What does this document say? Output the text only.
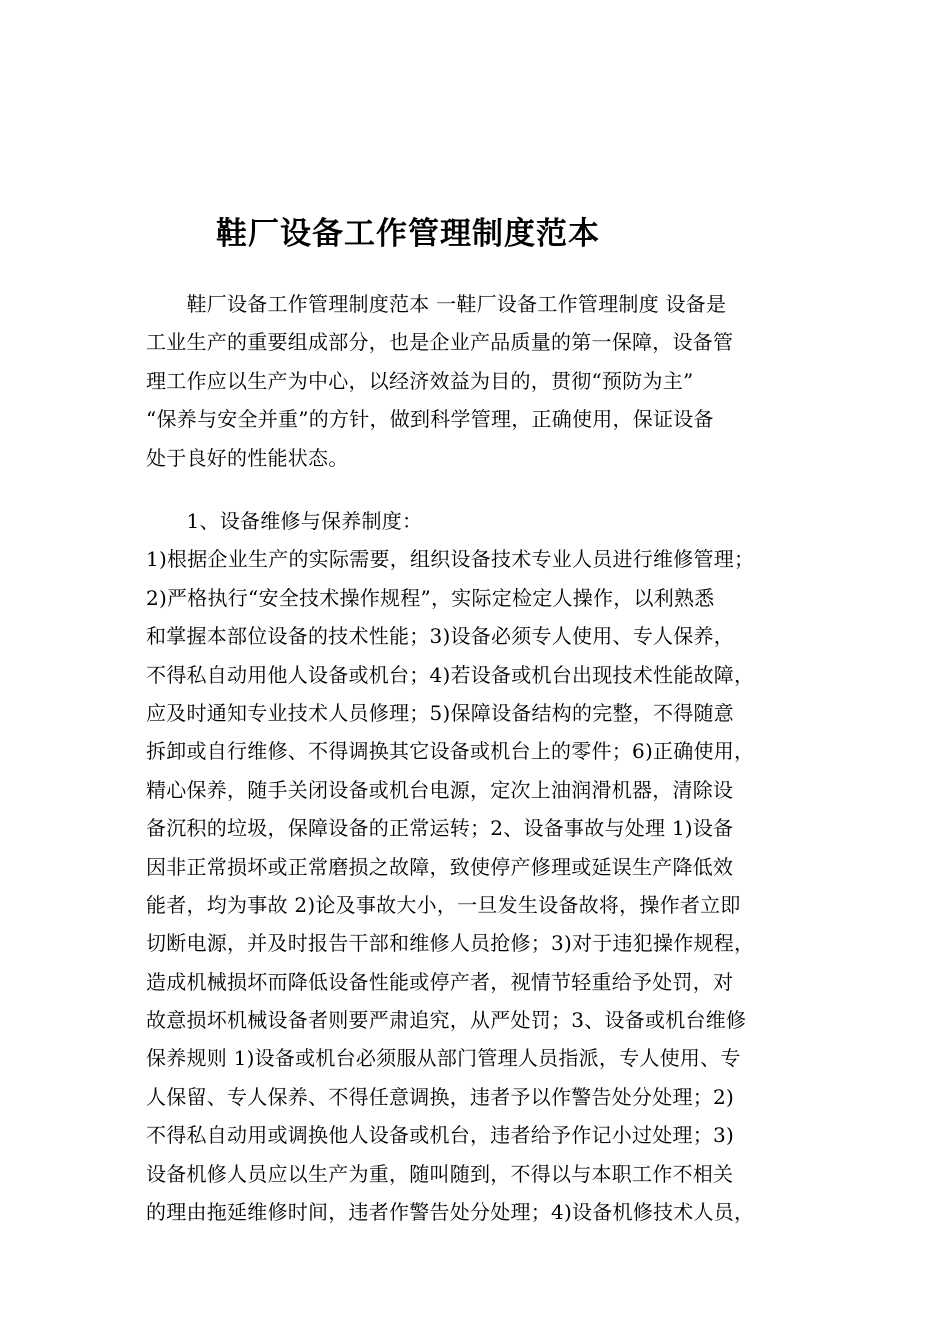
鞋厂设备工作管理制度范本
　　鞋厂设备工作管理制度范本 一鞋厂设备工作管理制度 设备是
工业生产的重要组成部分，也是企业产品质量的第一保障，设备管
理工作应以生产为中心，以经济效益为目的，贯彻“预防为主”
“保养与安全并重”的方针，做到科学管理，正确使用，保证设备
处于良好的性能状态。
　　1、设备维修与保养制度：
1)根据企业生产的实际需要，组织设备技术专业人员进行维修管理；
2)严格执行“安全技术操作规程”，实际定检定人操作，以利熟悉
和掌握本部位设备的技术性能；3)设备必须专人使用、专人保养，
不得私自动用他人设备或机台；4)若设备或机台出现技术性能故障，
应及时通知专业技术人员修理；5)保障设备结构的完整，不得随意
拆卸或自行维修、不得调换其它设备或机台上的零件；6)正确使用，
精心保养，随手关闭设备或机台电源，定次上油润滑机器，清除设
备沉积的垃圾，保障设备的正常运转；2、设备事故与处理 1)设备
因非正常损坏或正常磨损之故障，致使停产修理或延误生产降低效
能者，均为事故 2)论及事故大小，一旦发生设备故将，操作者立即
切断电源，并及时报告干部和维修人员抢修；3)对于违犯操作规程，
造成机械损坏而降低设备性能或停产者，视情节轻重给予处罚，对
故意损坏机械设备者则要严肃追究，从严处罚；3、设备或机台维修
保养规则 1)设备或机台必须服从部门管理人员指派，专人使用、专
人保留、专人保养、不得任意调换，违者予以作警告处分处理；2)
不得私自动用或调换他人设备或机台，违者给予作记小过处理；3)
设备机修人员应以生产为重，随叫随到，不得以与本职工作不相关
的理由拖延维修时间，违者作警告处分处理；4)设备机修技术人员，
